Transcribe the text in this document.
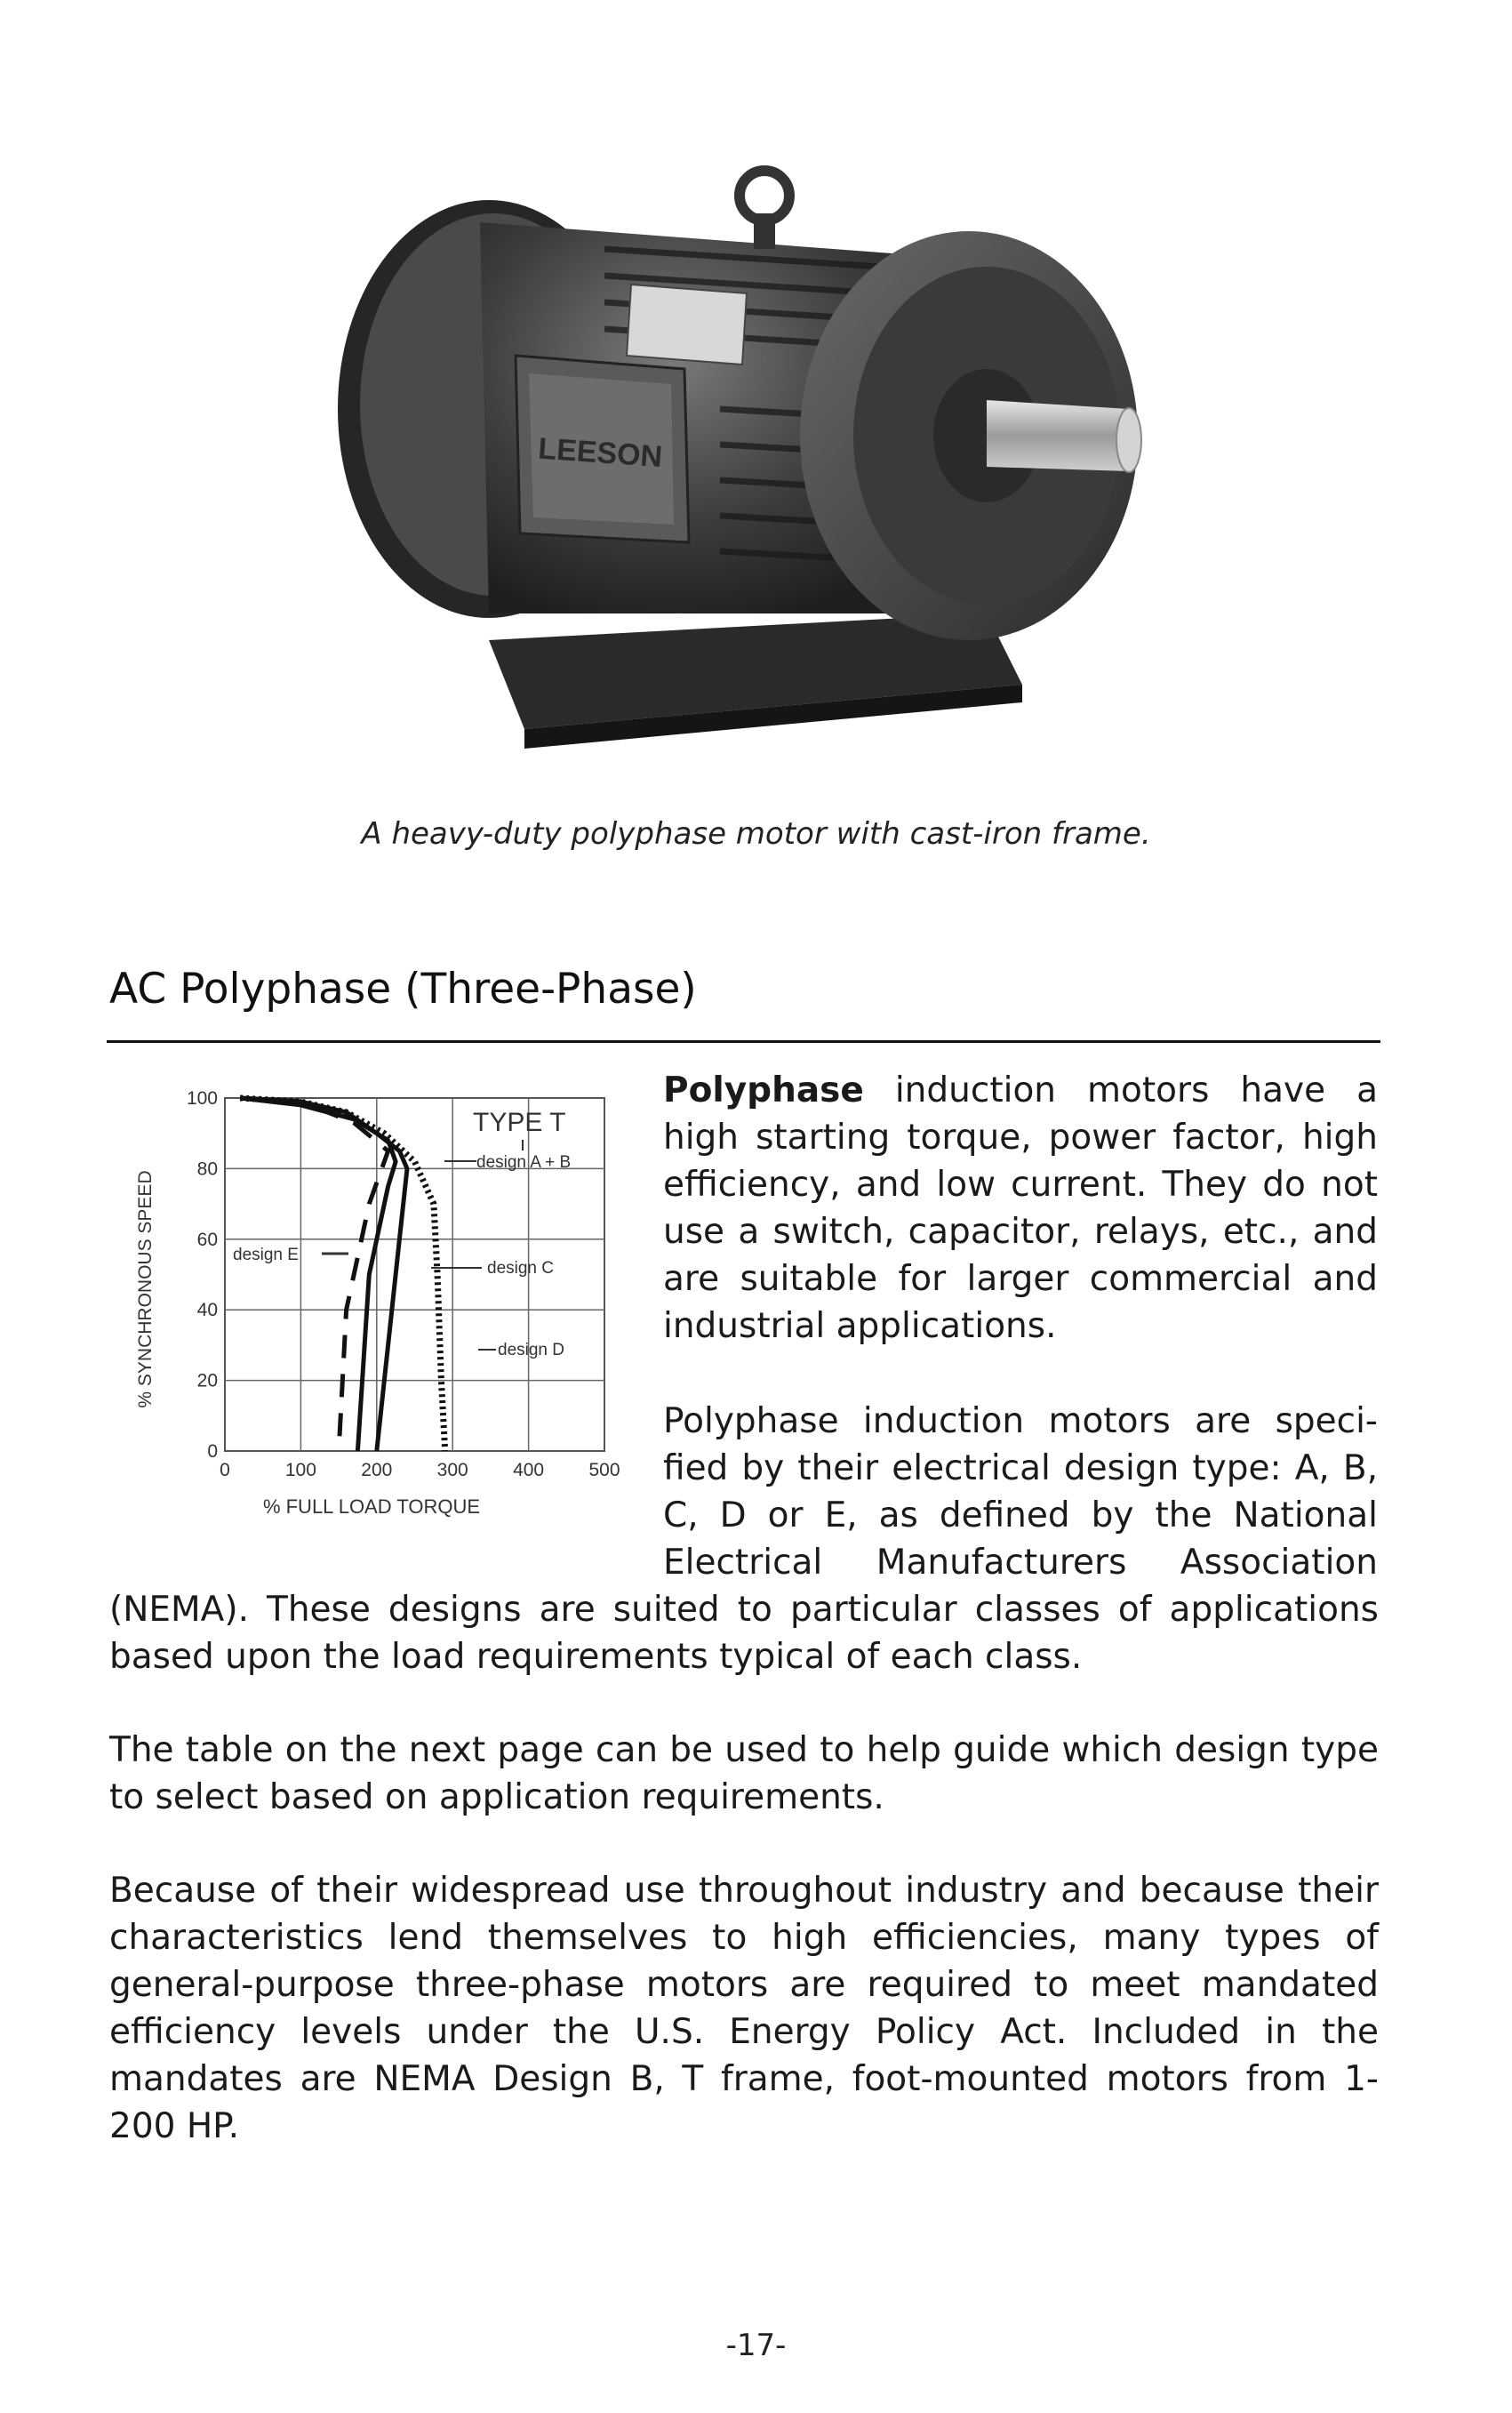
LEESON
A heavy-duty polyphase motor with cast-iron frame.
AC Polyphase (Three-Phase)
0
20
40
60
80
100
0	100 200 300 400 500
% SYNCHRONOUS SPEED
% FULL LOAD TORQUE
TYPE T
design A + B
design C
design D
design E

Polyphase induction motors have a high starting torque, power factor, high efficiency, and low current. They do not use a switch, capacitor, relays, etc., and are suitable for larger commercial and industrial applications.

Polyphase induction motors are speci- fied by their electrical design type: A, B, C, D or E, as defined by the National Electrical Manufacturers Association

(NEMA). These designs are suited to particular classes of applications based upon the load requirements typical of each class.

The table on the next page can be used to help guide which design type to select based on application requirements.

Because of their widespread use throughout industry and because their characteristics lend themselves to high efficiencies, many types of general-purpose three-phase motors are required to meet mandated efficiency levels under the U.S. Energy Policy Act. Included in the mandates are NEMA Design B, T frame, foot-mounted motors from 1-200 HP.

-17-
